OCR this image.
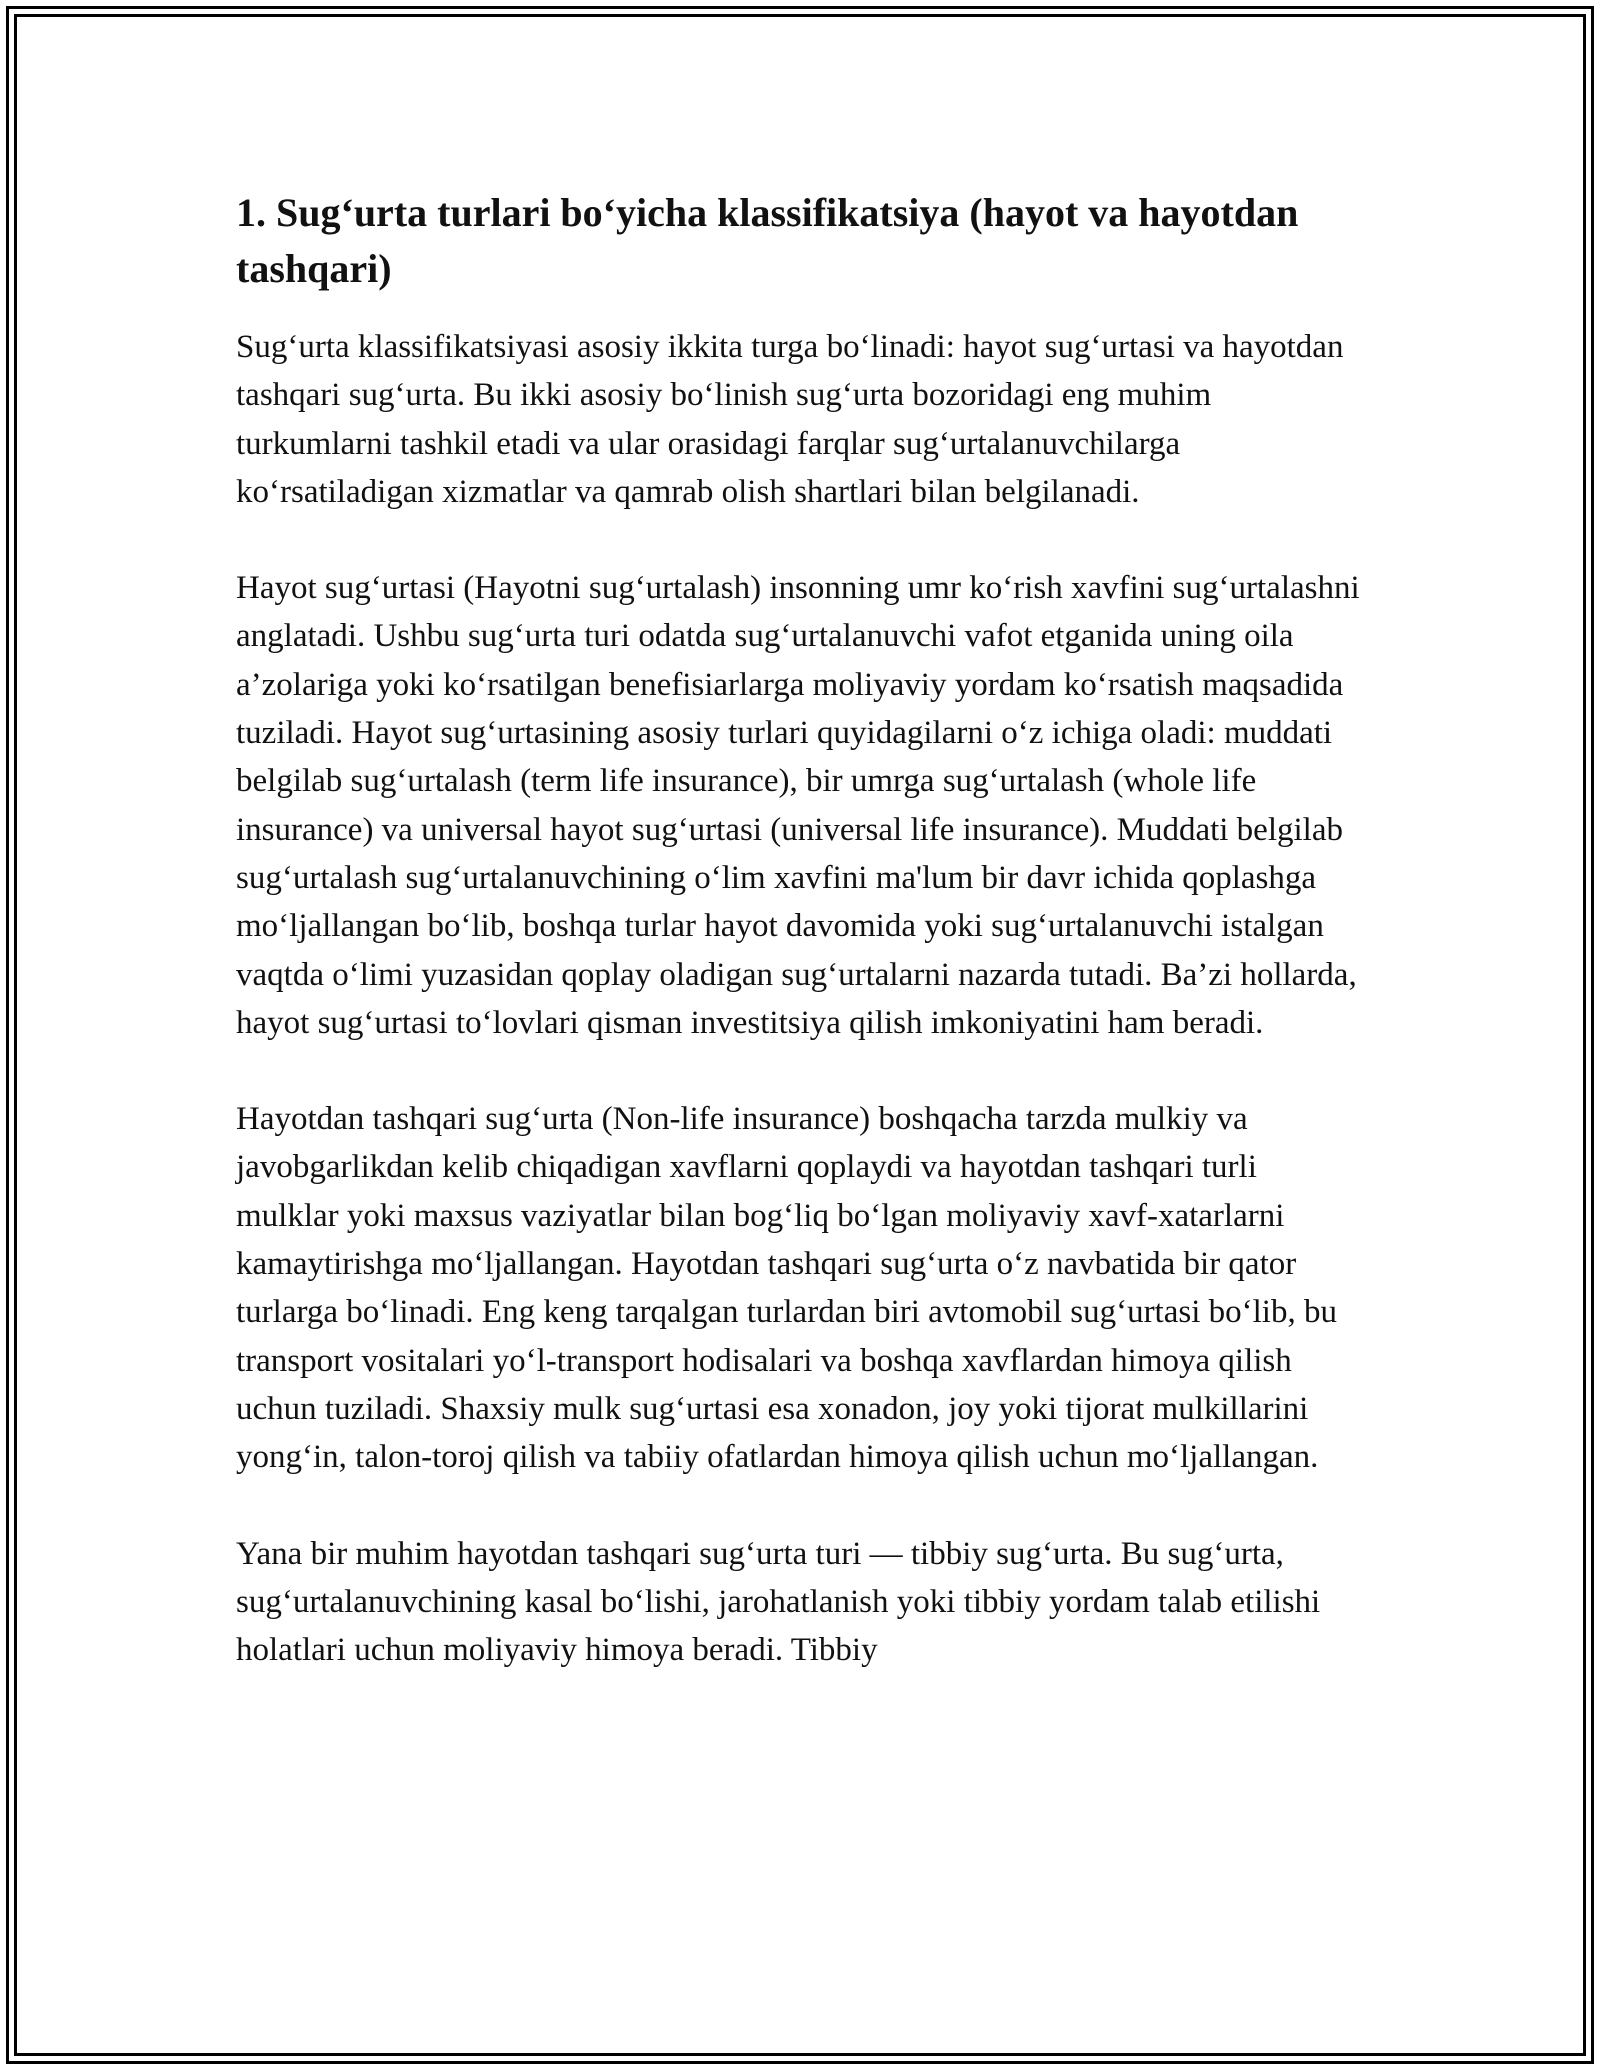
1. Sug‘urta turlari bo‘yicha klassifikatsiya (hayot va hayotdan tashqari)

Sug‘urta klassifikatsiyasi asosiy ikkita turga bo‘linadi: hayot sug‘urtasi va hayotdan tashqari sug‘urta. Bu ikki asosiy bo‘linish sug‘urta bozoridagi eng muhim turkumlarni tashkil etadi va ular orasidagi farqlar sug‘urtalanuvchilarga ko‘rsatiladigan xizmatlar va qamrab olish shartlari bilan belgilanadi.

Hayot sug‘urtasi (Hayotni sug‘urtalash) insonning umr ko‘rish xavfini sug‘urtalashni anglatadi. Ushbu sug‘urta turi odatda sug‘urtalanuvchi vafot etganida uning oila a’zolariga yoki ko‘rsatilgan benefisiarlarga moliyaviy yordam ko‘rsatish maqsadida tuziladi. Hayot sug‘urtasining asosiy turlari quyidagilarni o‘z ichiga oladi: muddati belgilab sug‘urtalash (term life insurance), bir umrga sug‘urtalash (whole life insurance) va universal hayot sug‘urtasi (universal life insurance). Muddati belgilab sug‘urtalash sug‘urtalanuvchining o‘lim xavfini ma'lum bir davr ichida qoplashga mo‘ljallangan bo‘lib, boshqa turlar hayot davomida yoki sug‘urtalanuvchi istalgan vaqtda o‘limi yuzasidan qoplay oladigan sug‘urtalarni nazarda tutadi. Ba’zi hollarda, hayot sug‘urtasi to‘lovlari qisman investitsiya qilish imkoniyatini ham beradi.

Hayotdan tashqari sug‘urta (Non-life insurance) boshqacha tarzda mulkiy va javobgarlikdan kelib chiqadigan xavflarni qoplaydi va hayotdan tashqari turli mulklar yoki maxsus vaziyatlar bilan bog‘liq bo‘lgan moliyaviy xavf-xatarlarni kamaytirishga mo‘ljallangan. Hayotdan tashqari sug‘urta o‘z navbatida bir qator turlarga bo‘linadi. Eng keng tarqalgan turlardan biri avtomobil sug‘urtasi bo‘lib, bu transport vositalari yo‘l-transport hodisalari va boshqa xavflardan himoya qilish uchun tuziladi. Shaxsiy mulk sug‘urtasi esa xonadon, joy yoki tijorat mulkillarini yong‘in, talon-toroj qilish va tabiiy ofatlardan himoya qilish uchun mo‘ljallangan.

Yana bir muhim hayotdan tashqari sug‘urta turi — tibbiy sug‘urta. Bu sug‘urta, sug‘urtalanuvchining kasal bo‘lishi, jarohatlanish yoki tibbiy yordam talab etilishi holatlari uchun moliyaviy himoya beradi. Tibbiy
